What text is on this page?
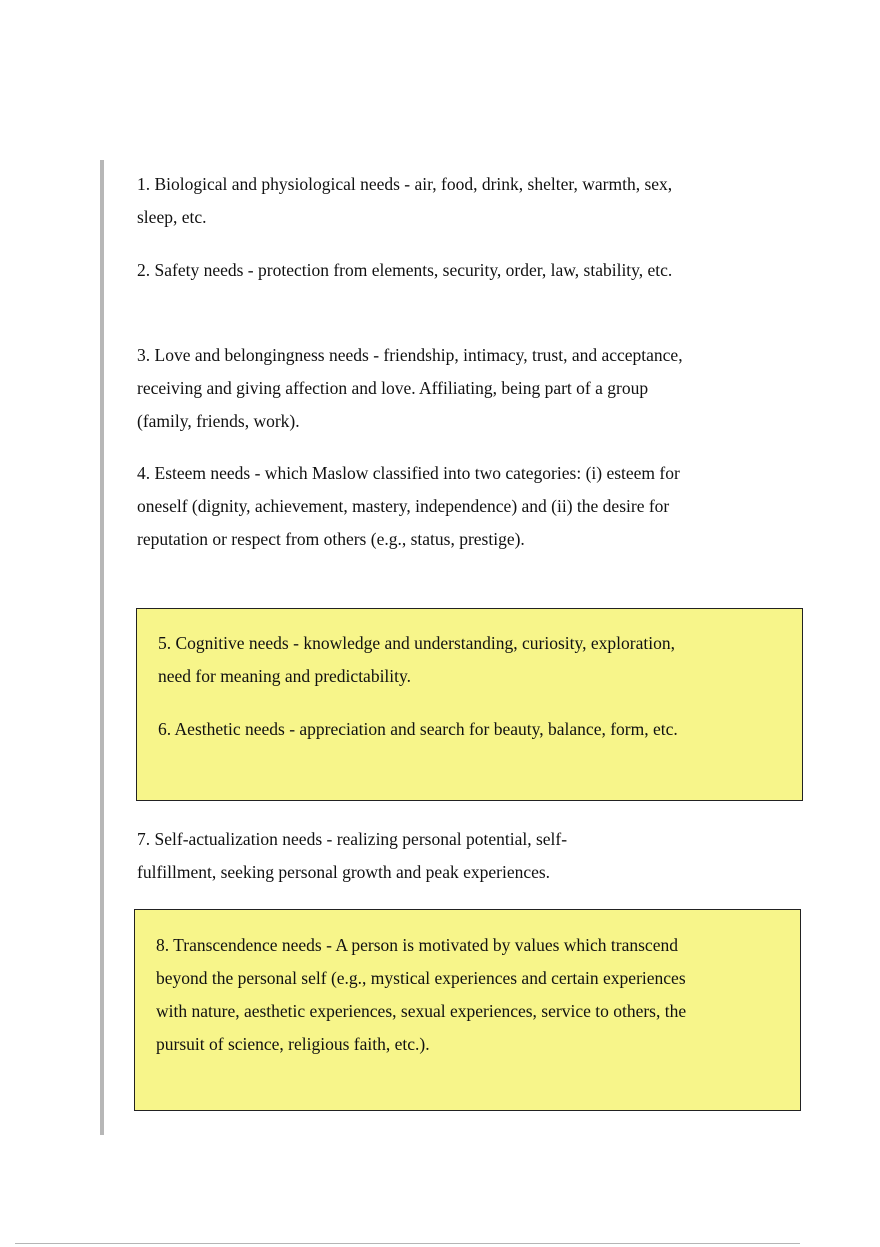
1. Biological and physiological needs - air, food, drink, shelter, warmth, sex, sleep, etc.

2. Safety needs - protection from elements, security, order, law, stability, etc.

3. Love and belongingness needs - friendship, intimacy, trust, and acceptance, receiving and giving affection and love. Affiliating, being part of a group (family, friends, work).

4. Esteem needs - which Maslow classified into two categories: (i) esteem for oneself (dignity, achievement, mastery, independence) and (ii) the desire for reputation or respect from others (e.g., status, prestige).

5. Cognitive needs - knowledge and understanding, curiosity, exploration, need for meaning and predictability.

6. Aesthetic needs - appreciation and search for beauty, balance, form, etc.

7. Self-actualization needs - realizing personal potential, self-fulfillment, seeking personal growth and peak experiences.

8. Transcendence needs - A person is motivated by values which transcend beyond the personal self (e.g., mystical experiences and certain experiences with nature, aesthetic experiences, sexual experiences, service to others, the pursuit of science, religious faith, etc.).
